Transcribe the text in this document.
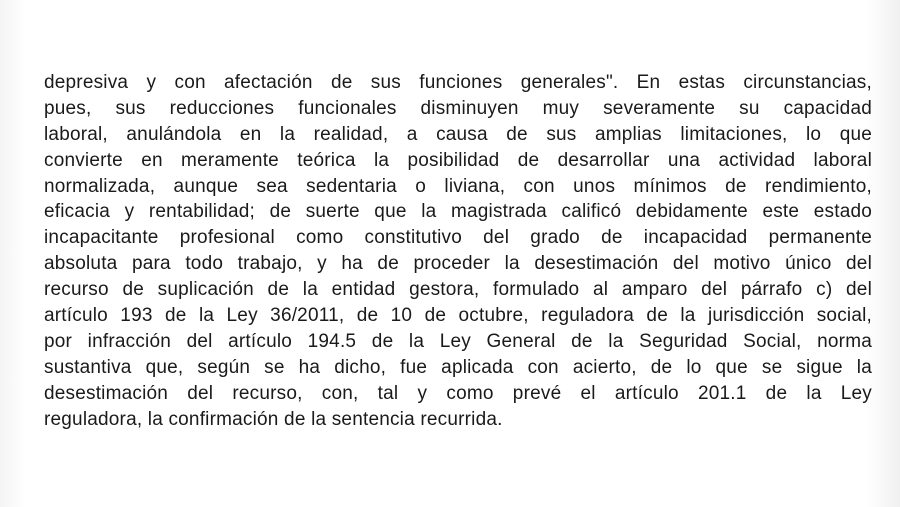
depresiva y con afectación de sus funciones generales". En estas circunstancias,
pues, sus reducciones funcionales disminuyen muy severamente su capacidad
laboral, anulándola en la realidad, a causa de sus amplias limitaciones, lo que
convierte en meramente teórica la posibilidad de desarrollar una actividad laboral
normalizada, aunque sea sedentaria o liviana, con unos mínimos de rendimiento,
eficacia y rentabilidad; de suerte que la magistrada calificó debidamente este estado
incapacitante profesional como constitutivo del grado de incapacidad permanente
absoluta para todo trabajo, y ha de proceder la desestimación del motivo único del
recurso de suplicación de la entidad gestora, formulado al amparo del párrafo c) del
artículo 193 de la Ley 36/2011, de 10 de octubre, reguladora de la jurisdicción social,
por infracción del artículo 194.5 de la Ley General de la Seguridad Social, norma
sustantiva que, según se ha dicho, fue aplicada con acierto, de lo que se sigue la
desestimación del recurso, con, tal y como prevé el artículo 201.1 de la Ley
reguladora, la confirmación de la sentencia recurrida.
